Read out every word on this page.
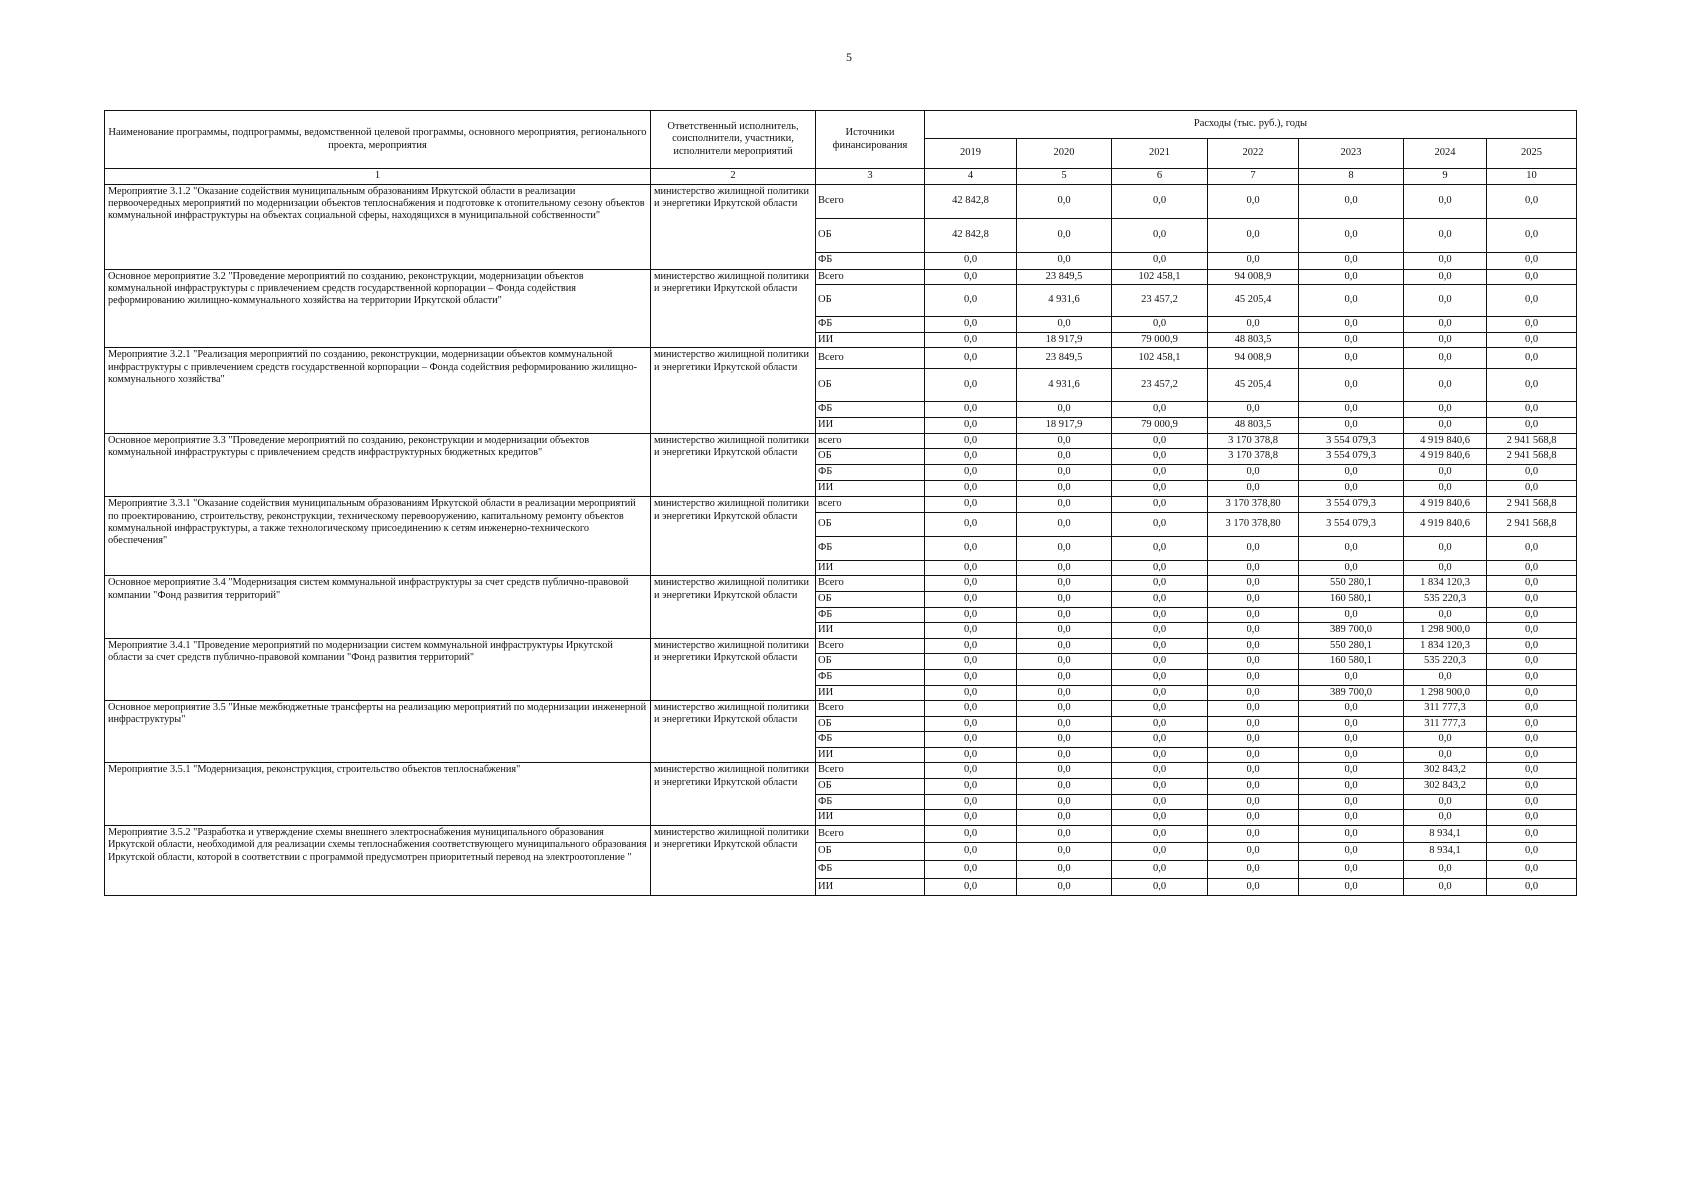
5
Наименование программы, подпрограммы, ведомственной целевой программы, основного мероприятия, регионального проекта, мероприятия	Ответственный исполнитель, соисполнители, участники, исполнители мероприятий	Источники финансирования	Расходы (тыс. руб.), годы						
			2019	2020	2021	2022	2023	2024	2025
1	2	3	4	5	6	7	8	9	10
Мероприятие 3.1.2 "Оказание содействия муниципальным образованиям Иркутской области в реализации первоочередных мероприятий по модернизации объектов теплоснабжения и подготовке к отопительному сезону объектов коммунальной инфраструктуры на объектах социальной сферы, находящихся в муниципальной собственности"	министерство жилищной политики и энергетики Иркутской области	Всего	42 842,8	0,0	0,0	0,0	0,0	0,0	0,0
		ОБ	42 842,8	0,0	0,0	0,0	0,0	0,0	0,0
		ФБ	0,0	0,0	0,0	0,0	0,0	0,0	0,0
Основное мероприятие 3.2 "Проведение мероприятий по созданию, реконструкции, модернизации объектов коммунальной инфраструктуры с привлечением средств государственной корпорации – Фонда содействия реформированию жилищно-коммунального хозяйства на территории Иркутской области"	министерство жилищной политики и энергетики Иркутской области	Всего	0,0	23 849,5	102 458,1	94 008,9	0,0	0,0	0,0
		ОБ	0,0	4 931,6	23 457,2	45 205,4	0,0	0,0	0,0
		ФБ	0,0	0,0	0,0	0,0	0,0	0,0	0,0
		ИИ	0,0	18 917,9	79 000,9	48 803,5	0,0	0,0	0,0
Мероприятие 3.2.1 "Реализация мероприятий по созданию, реконструкции, модернизации объектов коммунальной инфраструктуры с привлечением средств государственной корпорации – Фонда содействия реформированию жилищно-коммунального хозяйства"	министерство жилищной политики и энергетики Иркутской области	Всего	0,0	23 849,5	102 458,1	94 008,9	0,0	0,0	0,0
		ОБ	0,0	4 931,6	23 457,2	45 205,4	0,0	0,0	0,0
		ФБ	0,0	0,0	0,0	0,0	0,0	0,0	0,0
		ИИ	0,0	18 917,9	79 000,9	48 803,5	0,0	0,0	0,0
Основное мероприятие 3.3 "Проведение мероприятий по созданию, реконструкции и модернизации объектов коммунальной инфраструктуры с привлечением средств инфраструктурных бюджетных кредитов"	министерство жилищной политики и энергетики Иркутской области	всего	0,0	0,0	0,0	3 170 378,8	3 554 079,3	4 919 840,6	2 941 568,8
		ОБ	0,0	0,0	0,0	3 170 378,8	3 554 079,3	4 919 840,6	2 941 568,8
		ФБ	0,0	0,0	0,0	0,0	0,0	0,0	0,0
		ИИ	0,0	0,0	0,0	0,0	0,0	0,0	0,0
Мероприятие 3.3.1 "Оказание содействия муниципальным образованиям Иркутской области в реализации мероприятий по проектированию, строительству, реконструкции, техническому перевооружению, капитальному ремонту объектов коммунальной инфраструктуры, а также технологическому присоединению к сетям инженерно-технического обеспечения"	министерство жилищной политики и энергетики Иркутской области	всего	0,0	0,0	0,0	3 170 378,80	3 554 079,3	4 919 840,6	2 941 568,8
		ОБ	0,0	0,0	0,0	3 170 378,80	3 554 079,3	4 919 840,6	2 941 568,8
		ФБ	0,0	0,0	0,0	0,0	0,0	0,0	0,0
		ИИ	0,0	0,0	0,0	0,0	0,0	0,0	0,0
Основное мероприятие 3.4 "Модернизация систем коммунальной инфраструктуры за счет средств публично-правовой компании "Фонд развития территорий"	министерство жилищной политики и энергетики Иркутской области	Всего	0,0	0,0	0,0	0,0	550 280,1	1 834 120,3	0,0
		ОБ	0,0	0,0	0,0	0,0	160 580,1	535 220,3	0,0
		ФБ	0,0	0,0	0,0	0,0	0,0	0,0	0,0
		ИИ	0,0	0,0	0,0	0,0	389 700,0	1 298 900,0	0,0
Мероприятие 3.4.1 "Проведение мероприятий по модернизации систем коммунальной инфраструктуры Иркутской области за счет средств публично-правовой компании "Фонд развития территорий"	министерство жилищной политики и энергетики Иркутской области	Всего	0,0	0,0	0,0	0,0	550 280,1	1 834 120,3	0,0
		ОБ	0,0	0,0	0,0	0,0	160 580,1	535 220,3	0,0
		ФБ	0,0	0,0	0,0	0,0	0,0	0,0	0,0
		ИИ	0,0	0,0	0,0	0,0	389 700,0	1 298 900,0	0,0
Основное мероприятие 3.5 "Иные межбюджетные трансферты на реализацию мероприятий по модернизации инженерной инфраструктуры"	министерство жилищной политики и энергетики Иркутской области	Всего	0,0	0,0	0,0	0,0	0,0	311 777,3	0,0
		ОБ	0,0	0,0	0,0	0,0	0,0	311 777,3	0,0
		ФБ	0,0	0,0	0,0	0,0	0,0	0,0	0,0
		ИИ	0,0	0,0	0,0	0,0	0,0	0,0	0,0
Мероприятие 3.5.1 "Модернизация, реконструкция, строительство объектов теплоснабжения"	министерство жилищной политики и энергетики Иркутской области	Всего	0,0	0,0	0,0	0,0	0,0	302 843,2	0,0
		ОБ	0,0	0,0	0,0	0,0	0,0	302 843,2	0,0
		ФБ	0,0	0,0	0,0	0,0	0,0	0,0	0,0
		ИИ	0,0	0,0	0,0	0,0	0,0	0,0	0,0
Мероприятие 3.5.2 "Разработка и утверждение схемы внешнего электроснабжения муниципального образования Иркутской области, необходимой для реализации схемы теплоснабжения соответствующего муниципального образования Иркутской области, которой в соответствии с программой предусмотрен приоритетный перевод на электроотопление "	министерство жилищной политики и энергетики Иркутской области	Всего	0,0	0,0	0,0	0,0	0,0	8 934,1	0,0
		ОБ	0,0	0,0	0,0	0,0	0,0	8 934,1	0,0
		ФБ	0,0	0,0	0,0	0,0	0,0	0,0	0,0
		ИИ	0,0	0,0	0,0	0,0	0,0	0,0	0,0
